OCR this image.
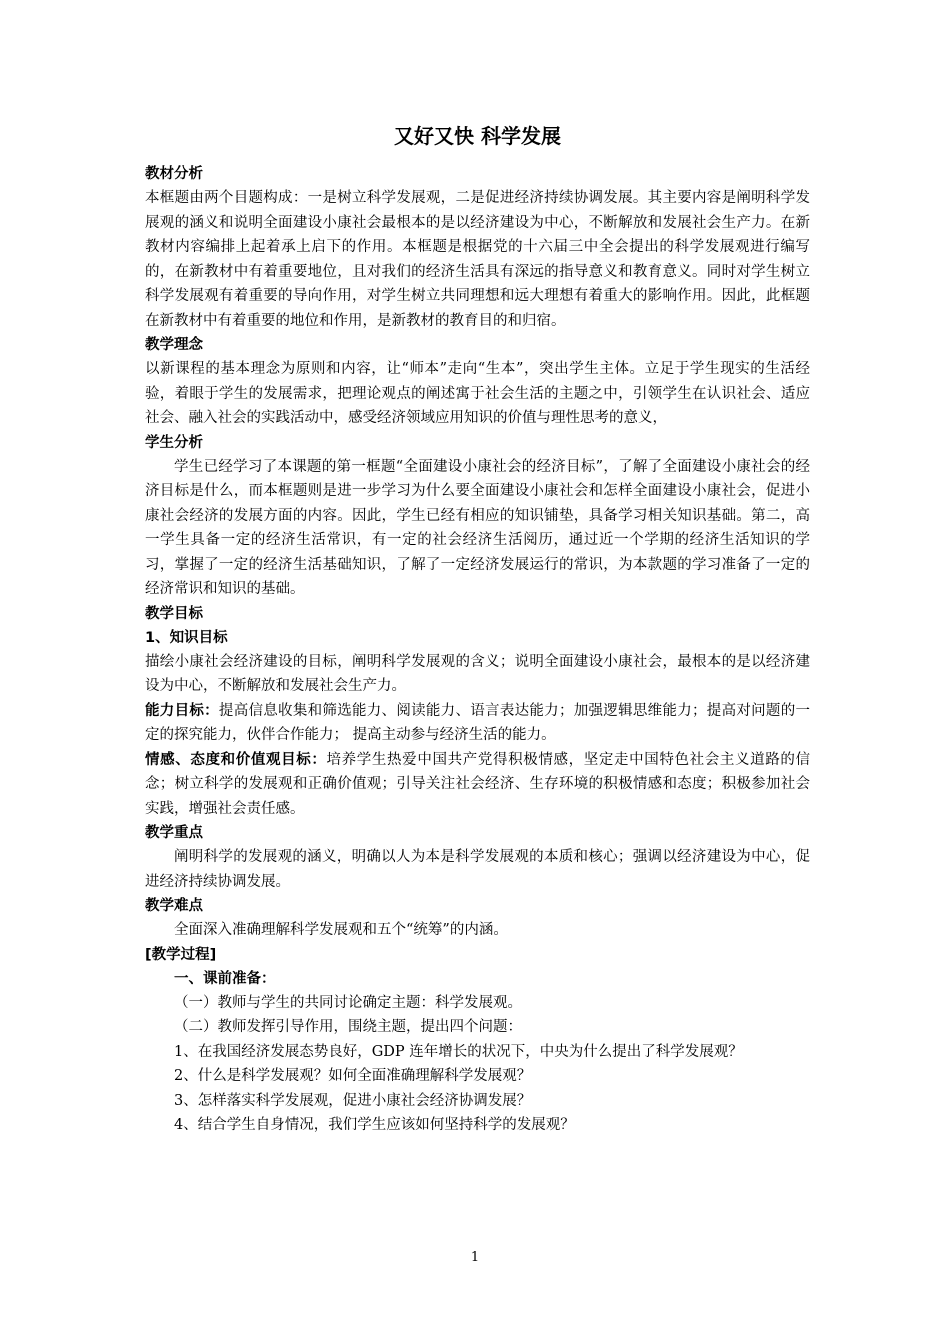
又好又快 科学发展
教材分析
本框题由两个目题构成：一是树立科学发展观，二是促进经济持续协调发展。其主要内容是阐明科学发展观的涵义和说明全面建设小康社会最根本的是以经济建设为中心，不断解放和发展社会生产力。在新教材内容编排上起着承上启下的作用。本框题是根据党的十六届三中全会提出的科学发展观进行编写的，在新教材中有着重要地位，且对我们的经济生活具有深远的指导意义和教育意义。同时对学生树立科学发展观有着重要的导向作用，对学生树立共同理想和远大理想有着重大的影响作用。因此，此框题在新教材中有着重要的地位和作用，是新教材的教育目的和归宿。
教学理念
以新课程的基本理念为原则和内容，让“师本”走向“生本”，突出学生主体。立足于学生现实的生活经验，着眼于学生的发展需求，把理论观点的阐述寓于社会生活的主题之中，引领学生在认识社会、适应社会、融入社会的实践活动中，感受经济领域应用知识的价值与理性思考的意义，
学生分析
学生已经学习了本课题的第一框题“全面建设小康社会的经济目标”，了解了全面建设小康社会的经济目标是什么，而本框题则是进一步学习为什么要全面建设小康社会和怎样全面建设小康社会，促进小康社会经济的发展方面的内容。因此，学生已经有相应的知识铺垫，具备学习相关知识基础。第二，高一学生具备一定的经济生活常识，有一定的社会经济生活阅历，通过近一个学期的经济生活知识的学习，掌握了一定的经济生活基础知识，了解了一定经济发展运行的常识，为本款题的学习准备了一定的经济常识和知识的基础。
教学目标
1、知识目标
描绘小康社会经济建设的目标，阐明科学发展观的含义；说明全面建设小康社会，最根本的是以经济建设为中心，不断解放和发展社会生产力。
能力目标：提高信息收集和筛选能力、阅读能力、语言表达能力；加强逻辑思维能力；提高对问题的一定的探究能力，伙伴合作能力； 提高主动参与经济生活的能力。
情感、态度和价值观目标：培养学生热爱中国共产党得积极情感，坚定走中国特色社会主义道路的信念；树立科学的发展观和正确价值观；引导关注社会经济、生存环境的积极情感和态度；积极参加社会实践，增强社会责任感。
教学重点
阐明科学的发展观的涵义，明确以人为本是科学发展观的本质和核心；强调以经济建设为中心，促进经济持续协调发展。
教学难点
全面深入准确理解科学发展观和五个“统筹”的内涵。
[教学过程]
一、课前准备：
（一）教师与学生的共同讨论确定主题：科学发展观。
（二）教师发挥引导作用，围绕主题，提出四个问题：
1、在我国经济发展态势良好，GDP 连年增长的状况下，中央为什么提出了科学发展观？
2、什么是科学发展观？如何全面准确理解科学发展观？
3、怎样落实科学发展观，促进小康社会经济协调发展？
4、结合学生自身情况，我们学生应该如何坚持科学的发展观？
1
